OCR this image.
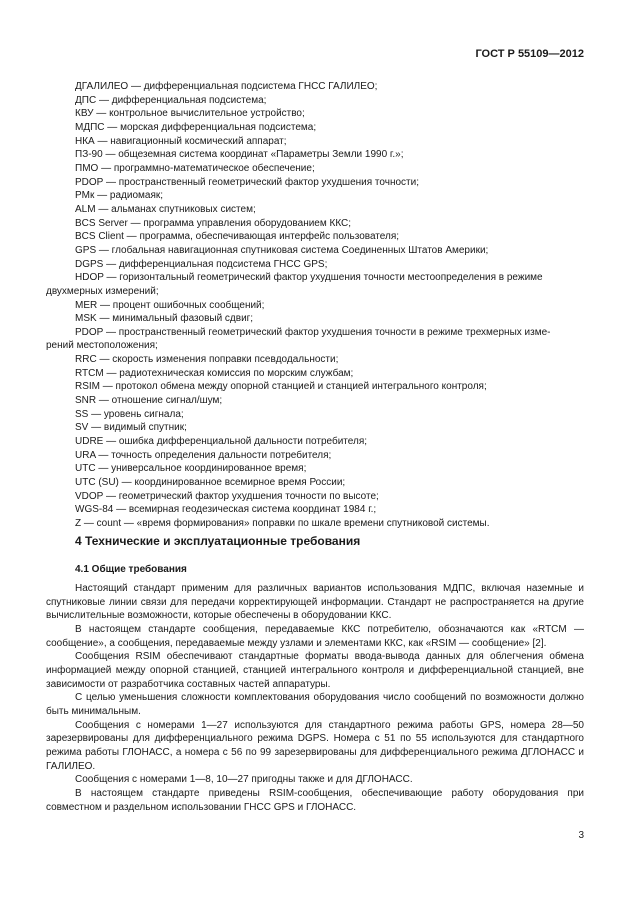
ГОСТ Р 55109—2012

ДГАЛИЛЕО — дифференциальная подсистема ГНСС ГАЛИЛЕО;

ДПС — дифференциальная подсистема;

КВУ — контрольное вычислительное устройство;

МДПС — морская дифференциальная подсистема;

НКА — навигационный космический аппарат;

ПЗ-90 — общеземная система координат «Параметры Земли 1990 г.»;

ПМО — программно-математическое обеспечение;

PDOP — пространственный геометрический фактор ухудшения точности;

PMк — радиомаяк;

ALM — альманах спутниковых систем;

BCS Server — программа управления оборудованием ККС;

BCS Client — программа, обеспечивающая интерфейс пользователя;

GPS — глобальная навигационная спутниковая система Соединенных Штатов Америки;

DGPS — дифференциальная подсистема ГНСС GPS;

HDOP — горизонтальный геометрический фактор ухудшения точности местоопределения в режиме
двухмерных измерений;

MER — процент ошибочных сообщений;

MSK — минимальный фазовый сдвиг;

PDOP — пространственный геометрический фактор ухудшения точности в режиме трехмерных изме-
рений местоположения;

RRC — скорость изменения поправки псевдодальности;

RTCM — радиотехническая комиссия по морским службам;

RSIM — протокол обмена между опорной станцией и станцией интегрального контроля;

SNR — отношение сигнал/шум;

SS — уровень сигнала;

SV — видимый спутник;

UDRE — ошибка дифференциальной дальности потребителя;

URA — точность определения дальности потребителя;

UTC — универсальное координированное время;

UTC (SU) — координированное всемирное время России;

VDOP — геометрический фактор ухудшения точности по высоте;

WGS-84 — всемирная геодезическая система координат 1984 г.;

Z — count — «время формирования» поправки по шкале времени спутниковой системы.

4 Технические и эксплуатационные требования
4.1 Общие требования

Настоящий стандарт применим для различных вариантов использования МДПС, включая наземные и спутниковые линии связи для передачи корректирующей информации. Стандарт не распространяется на другие вычислительные возможности, которые обеспечены в оборудовании ККС.

В настоящем стандарте сообщения, передаваемые ККС потребителю, обозначаются как «RTCM — сообщение», а сообщения, передаваемые между узлами и элементами ККС, как «RSIM — сообщение» [2].

Сообщения RSIM обеспечивают стандартные форматы ввода-вывода данных для облегчения обмена информацией между опорной станцией, станцией интегрального контроля и дифференциальной станцией, вне зависимости от разработчика составных частей аппаратуры.

С целью уменьшения сложности комплектования оборудования число сообщений по возможности должно быть минимальным.

Сообщения с номерами 1—27 используются для стандартного режима работы GPS, номера 28—50 зарезервированы для дифференциального режима DGPS. Номера с 51 по 55 используются для стандартного режима работы ГЛОНАСС, а номера с 56 по 99 зарезервированы для дифференциального режима ДГЛОНАСС и ГАЛИЛЕО.

Сообщения с номерами 1—8, 10—27 пригодны также и для ДГЛОНАСС.

В настоящем стандарте приведены RSIM-сообщения, обеспечивающие работу оборудования при совместном и раздельном использовании ГНСС GPS и ГЛОНАСС.

3
